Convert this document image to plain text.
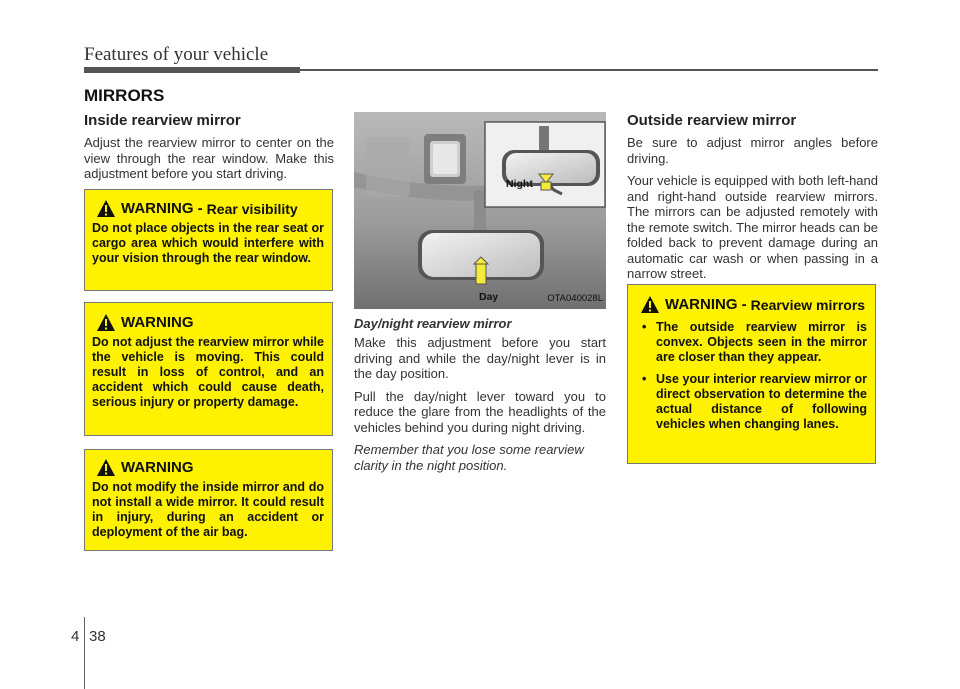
Features of your vehicle
MIRRORS
Inside rearview mirror

Adjust the rearview mirror to center on the view through the rear window. Make this adjustment before you start driving.

WARNING - Rear visibility
Do not place objects in the rear seat or cargo area which would interfere with your vision through the rear window.
WARNING
Do not adjust the rearview mirror while the vehicle is moving. This could result in loss of control, and an accident which could cause death, serious injury or property damage.
WARNING
Do not modify the inside mirror and do not install a wide mirror. It could result in injury, during an accident or deployment of the air bag.
Night
Day	OTA040028L
Day/night rearview mirror

Make this adjustment before you start driving and while the day/night lever is in the day position.

Pull the day/night lever toward you to reduce the glare from the headlights of the vehicles behind you during night driving.

Remember that you lose some rearview clarity in the night position.

Outside rearview mirror

Be sure to adjust mirror angles before driving.

Your vehicle is equipped with both left-hand and right-hand outside rearview mirrors. The mirrors can be adjusted remotely with the remote switch. The mirror heads can be folded back to prevent damage during an automatic car wash or when passing in a narrow street.

WARNING - Rearview mirrors
• The outside rearview mirror is convex. Objects seen in the mirror are closer than they appear.
• Use your interior rearview mirror or direct observation to determine the actual distance of following vehicles when changing lanes.
4 38
